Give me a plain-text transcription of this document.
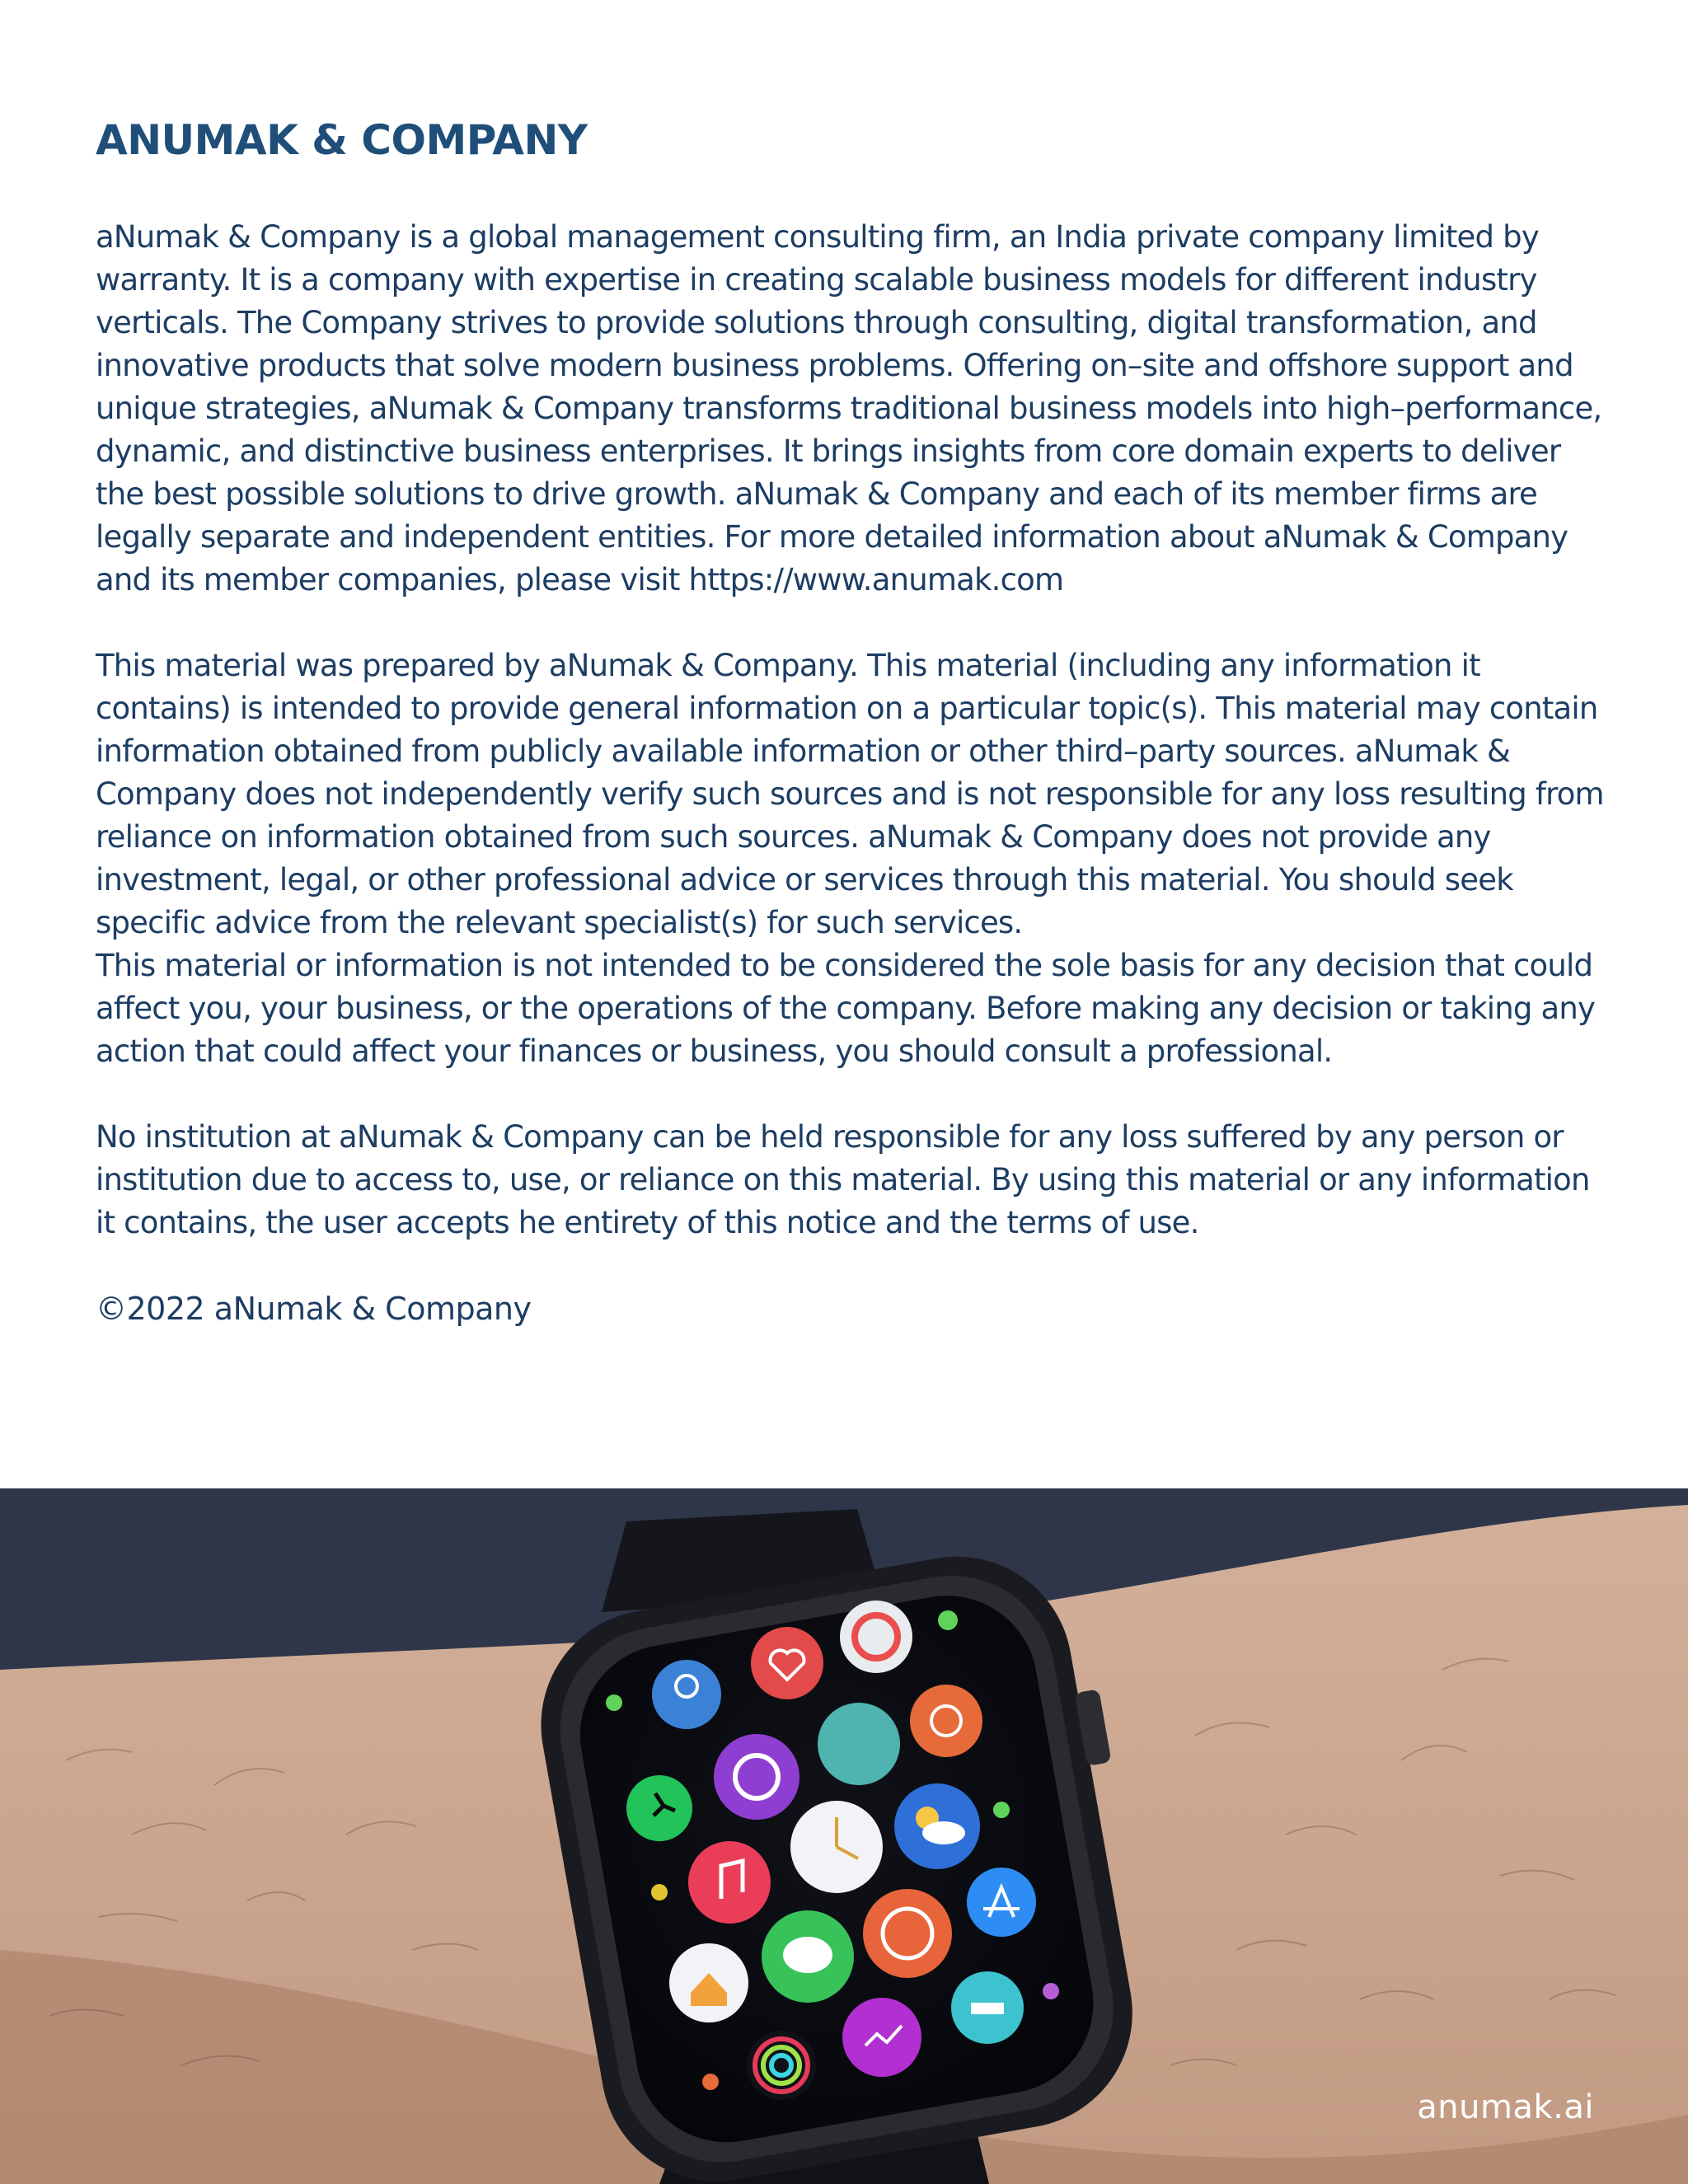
ANUMAK & COMPANY

aNumak & Company is a global management consulting firm, an India private company limited by warranty. It is a company with expertise in creating scalable business models for different industry verticals. The Company strives to provide solutions through consulting, digital transformation, and innovative products that solve modern business problems. Offering on–site and offshore support and unique strategies, aNumak & Company transforms traditional business models into high–performance, dynamic, and distinctive business enterprises. It brings insights from core domain experts to deliver the best possible solutions to drive growth. aNumak & Company and each of its member firms are legally separate and independent entities. For more detailed information about aNumak & Company and its member companies, please visit https://www.anumak.com

This material was prepared by aNumak & Company. This material (including any information it contains) is intended to provide general information on a particular topic(s). This material may contain information obtained from publicly available information or other third–party sources. aNumak & Company does not independently verify such sources and is not responsible for any loss resulting from reliance on information obtained from such sources. aNumak & Company does not provide any investment, legal, or other professional advice or services through this material. You should seek specific advice from the relevant specialist(s) for such services.

This material or information is not intended to be considered the sole basis for any decision that could affect you, your business, or the operations of the company. Before making any decision or taking any action that could affect your finances or business, you should consult a professional.

No institution at aNumak & Company can be held responsible for any loss suffered by any person or institution due to access to, use, or reliance on this material. By using this material or any information it contains, the user accepts he entirety of this notice and the terms of use.

©2022 aNumak & Company

anumak.ai
